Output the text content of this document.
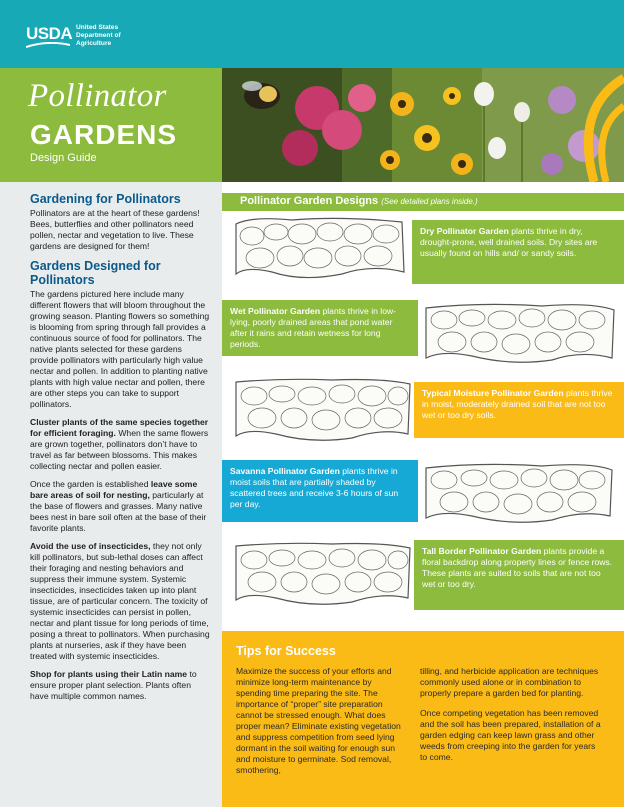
USDA United States
Department of
Agriculture
Pollinator
GARDENS
Design Guide
Gardening for Pollinators

Pollinators are at the heart of these gardens! Bees, butterflies and other pollinators need pollen, nectar and vegetation to live. These gardens are designed for them!

Gardens Designed for Pollinators

The gardens pictured here include many different flowers that will bloom throughout the growing season. Planting flowers so something is blooming from spring through fall provides a continuous source of food for pollinators. The native plants selected for these gardens provide pollinators with particularly high value nectar and pollen. In addition to planting native plants with high value nectar and pollen, there are other steps you can take to support pollinators.

Cluster plants of the same species together for efficient foraging. When the same flowers are grown together, pollinators don’t have to travel as far between blossoms. This makes collecting nectar and pollen easier.

Once the garden is established leave some bare areas of soil for nesting, particularly at the base of flowers and grasses. Many native bees nest in bare soil often at the base of their favorite plants.

Avoid the use of insecticides, they not only kill pollinators, but sub-lethal doses can affect their foraging and nesting behaviors and suppress their immune system. Systemic insecticides, insecticides taken up into plant tissue, are of particular concern. The toxicity of systemic insecticides can persist in pollen, nectar and plant tissue for long periods of time, posing a threat to pollinators. When purchasing plants at nurseries, ask if they have been treated with systemic insecticides.

Shop for plants using their Latin name to ensure proper plant selection. Plants often have multiple common names.

Pollinator Garden Designs (See detailed plans inside.)
Dry Pollinator Garden plants thrive in dry, drought-prone, well drained soils. Dry sites are usually found on hills and/ or sandy soils.
Wet Pollinator Garden plants thrive in low-lying, poorly drained areas that pond water after it rains and retain wetness for long periods.
Typical Moisture Pollinator Garden plants thrive in moist, moderately drained soil that are not too wet or too dry soils.
Savanna Pollinator Garden plants thrive in moist soils that are partially shaded by scattered trees and receive 3-6 hours of sun per day.
Tall Border Pollinator Garden plants provide a floral backdrop along property lines or fence rows. These plants are suited to soils that are not too wet or too dry.
Tips for Success
Maximize the success of your efforts and minimize long-term maintenance by spending time preparing the site. The importance of “proper” site preparation cannot be stressed enough. What does proper mean? Eliminate existing vegetation and suppress competition from seed lying dormant in the soil waiting for enough sun and moisture to germinate. Sod removal, smothering,

tilling, and herbicide application are techniques commonly used alone or in combination to properly prepare a garden bed for planting.

Once competing vegetation has been removed and the soil has been prepared, installation of a garden edging can keep lawn grass and other weeds from creeping into the garden for years to come.
